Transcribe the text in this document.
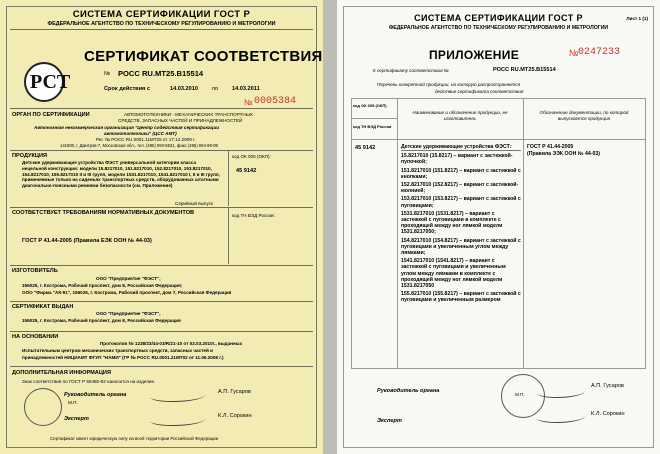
СИСТЕМА СЕРТИФИКАЦИИ ГОСТ Р
ФЕДЕРАЛЬНОЕ АГЕНТСТВО ПО ТЕХНИЧЕСКОМУ РЕГУЛИРОВАНИЮ И МЕТРОЛОГИИ
РСТ
СЕРТИФИКАТ СООТВЕТСТВИЯ
№ РОСС RU.MT25.B15514
Срок действия с	14.03.2010	по 14.03.2011
№ 0005384
ОРГАН ПО СЕРТИФИКАЦИИ	АВТОМОТОТЕХНИКИ - МЕХАНИЧЕСКИХ ТРАНСПОРТНЫХ
СРЕДСТВ, ЗАПАСНЫХ ЧАСТЕЙ И ПРИНАДЛЕЖНОСТЕЙ
Автономная некоммерческая организация "Центр содействия сертификации
автомототехники" (ЦСС АМТ)
Рег. № РОСС RU.0001.11MT25 от 17.12.2009 г.
141800, г. Дмитров-7, Московская обл., тел. (495) 993-5531, факс (495) 994-99-09
ПРОДУКЦИЯ
Детские удерживающие устройства ФЭСТ универсальной категории класса нецельной конструкции: модели 15.8217010, 151.8217010, 152.8217010, 153.8217010, 154.8217010, 155.8217010 II и III групп, модели 1531.8217010, 1541.8217010 I, II и III групп, применяемые только на сиденьях транспортных средств, оборудованных штатными диагонально-поясными ремнями безопасности (см. Приложение)
Серийный выпуск
код ОК 005 (ОКП):
45 9142
СООТВЕТСТВУЕТ ТРЕБОВАНИЯМ НОРМАТИВНЫХ ДОКУМЕНТОВ
ГОСТ Р 41.44-2005 (Правила ЕЭК ООН № 44-03)
код ТН ВЭД России:
ИЗГОТОВИТЕЛЬ
ООО "Предприятие "ФЭСТ",
156025, г. Кострома, Рабочий проспект, дом 8, Российская Федерация;
ООО "Фирма "АК-91", 156025, г. Кострома, Рабочий проспект, дом 7, Российская Федерация
СЕРТИФИКАТ ВЫДАН
ООО "Предприятие "ФЭСТ",
156025, г. Кострома, Рабочий проспект, дом 8, Российская Федерация
НА ОСНОВАНИИ
Протоколов № 1238/23/44-03/R/21-10 от 03.03.2010г., выданных
Испытательным центром механических транспортных средств, запасных частей и
принадлежностей НИЦИАМТ ФГУП "НАМИ" (ГР № РОСС RU.0001.21MT02 от 11.06.2008 г.)
ДОПОЛНИТЕЛЬНАЯ ИНФОРМАЦИЯ
Знак соответствия по ГОСТ Р 50460-92 наносится на изделие.
М.П.
Руководитель органа	А.П. Гусаров
Эксперт	К.Л. Сорокин
Сертификат имеет юридическую силу на всей территории Российской Федерации
СИСТЕМА СЕРТИФИКАЦИИ ГОСТ Р	Лист 1 (1)
ФЕДЕРАЛЬНОЕ АГЕНТСТВО ПО ТЕХНИЧЕСКОМУ РЕГУЛИРОВАНИЮ И МЕТРОЛОГИИ
ПРИЛОЖЕНИЕ	№ 0247233
К сертификату соответствия №	РОСС RU.MT25.B15514
Перечень конкретной продукции, на которую распространяется
действие сертификата соответствия
код ОК 005 (ОКП)
код ТН ВЭД России
Наименование и обозначение продукции, ее изготовитель
Обозначение документации, по которой выпускается продукция
45 9142	Детские удерживающие устройства ФЭСТ:
15.8217010 (15.8217) – вариант с застежкой-пупочкой;
151.8217010 (151.8217) – вариант с застежкой с кнопками;
152.8217010 (152.8217) – вариант с застежкой-молнией;
153.8217010 (153.8217) – вариант с застежкой с пуговицами;
1531.8217010 (1531.8217) – вариант с застежкой с пуговицами в комплекте с проходящей между ног лямкой модели 1531.8217050;
154.8217010 (154.8217) – вариант с застежкой с пуговицами и увеличенным углом между лямками;
1541.8217010 (1541.8217) – вариант с застежкой с пуговицами и увеличенным углом между лямками в комплекте с проходящей между ног лямкой модели 1531.8217050
155.8217010 (155.8217) – вариант с застежкой с пуговицами и увеличенным размером
ГОСТ Р 41.44-2005
(Правила ЭЭК ООН № 44-03)
М.П.
Руководитель органа
А.П. Гусаров
Эксперт
К.Л. Сорокин
